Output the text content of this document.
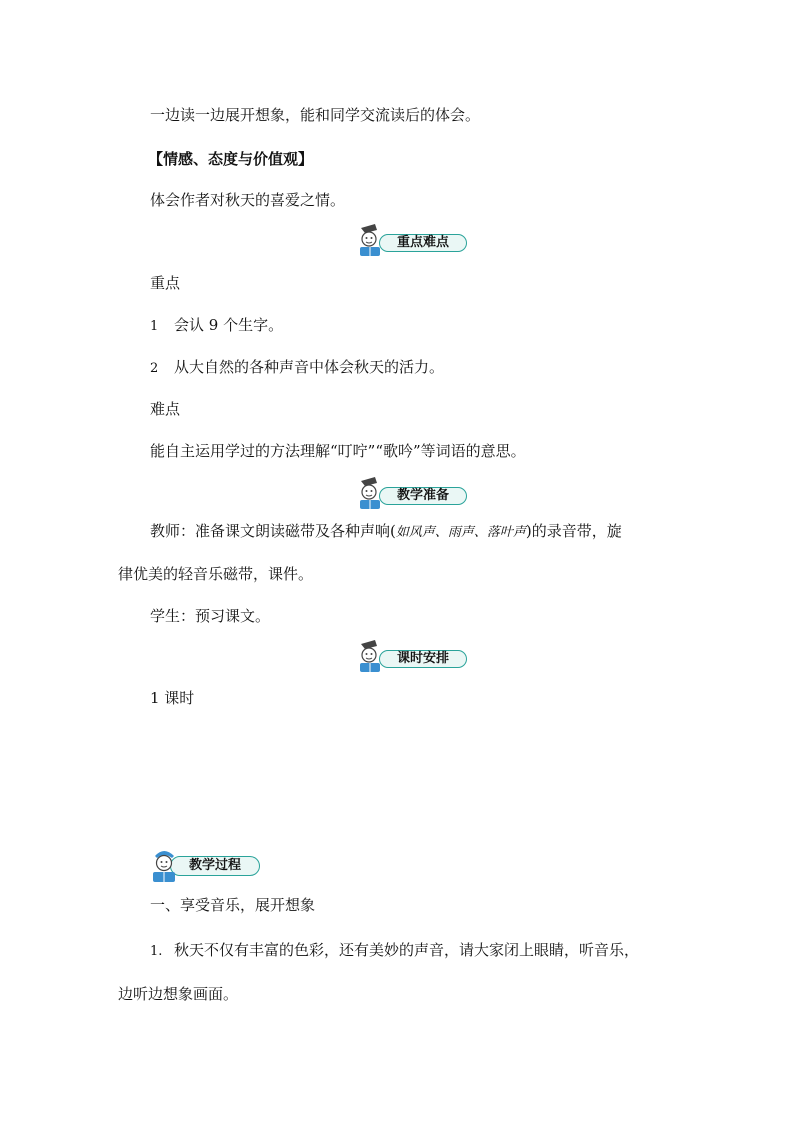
一边读一边展开想象，能和同学交流读后的体会。
【情感、态度与价值观】
体会作者对秋天的喜爱之情。
重点难点
重点
1 会认 9 个生字。
2 从大自然的各种声音中体会秋天的活力。
难点
能自主运用学过的方法理解“叮咛”“歌吟”等词语的意思。
教学准备
教师：准备课文朗读磁带及各种声响(如风声、雨声、落叶声)的录音带，旋
律优美的轻音乐磁带，课件。
学生：预习课文。
课时安排
1 课时
教学过程
一、享受音乐，展开想象
1. 秋天不仅有丰富的色彩，还有美妙的声音，请大家闭上眼睛，听音乐，
边听边想象画面。
